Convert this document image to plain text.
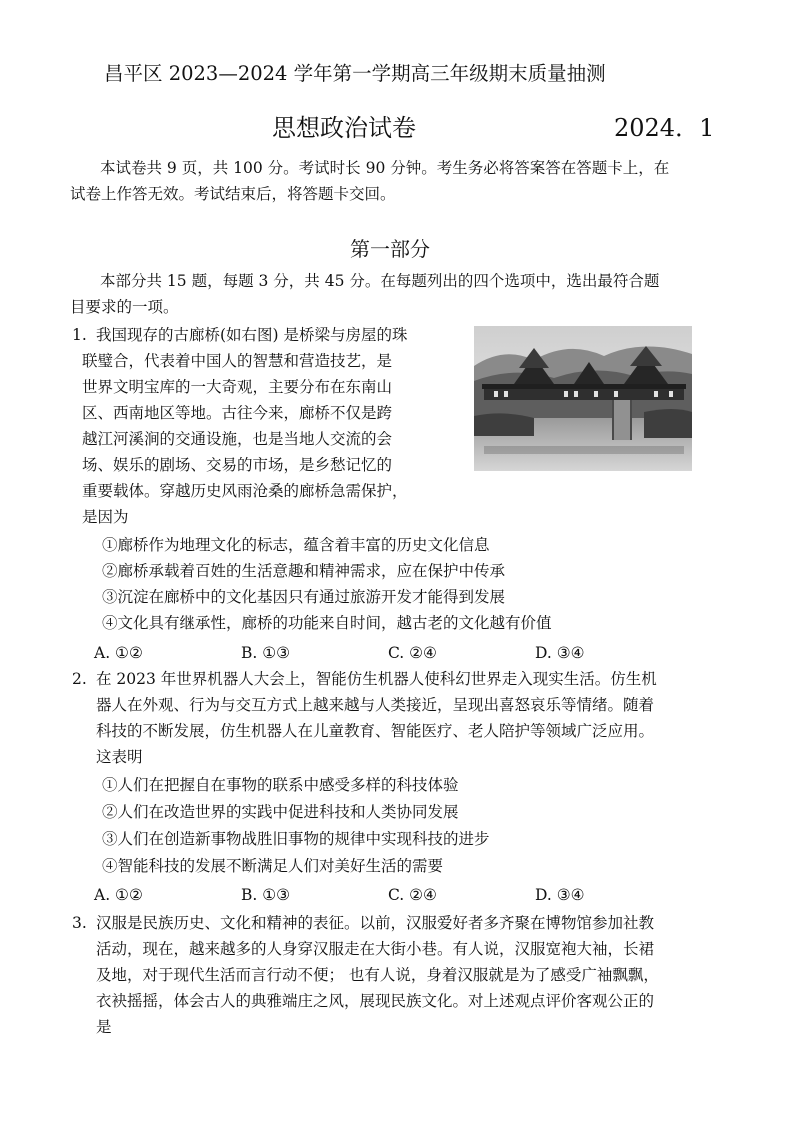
昌平区 2023—2024 学年第一学期高三年级期末质量抽测
思想政治试卷	2024．1
本试卷共 9 页，共 100 分。考试时长 90 分钟。考生务必将答案答在答题卡上，在
试卷上作答无效。考试结束后，将答题卡交回。
第一部分
本部分共 15 题，每题 3 分，共 45 分。在每题列出的四个选项中，选出最符合题
目要求的一项。
1. 我国现存的古廊桥(如右图) 是桥梁与房屋的珠
联璧合，代表着中国人的智慧和营造技艺，是
世界文明宝库的一大奇观，主要分布在东南山
区、西南地区等地。古往今来，廊桥不仅是跨
越江河溪涧的交通设施，也是当地人交流的会
场、娱乐的剧场、交易的市场，是乡愁记忆的
重要载体。穿越历史风雨沧桑的廊桥急需保护，
是因为
①廊桥作为地理文化的标志，蕴含着丰富的历史文化信息
②廊桥承载着百姓的生活意趣和精神需求，应在保护中传承
③沉淀在廊桥中的文化基因只有通过旅游开发才能得到发展
④文化具有继承性，廊桥的功能来自时间，越古老的文化越有价值
A. ①②	B. ①③	C. ②④	D. ③④
2. 在 2023 年世界机器人大会上，智能仿生机器人使科幻世界走入现实生活。仿生机
器人在外观、行为与交互方式上越来越与人类接近，呈现出喜怒哀乐等情绪。随着
科技的不断发展，仿生机器人在儿童教育、智能医疗、老人陪护等领域广泛应用。
这表明
①人们在把握自在事物的联系中感受多样的科技体验
②人们在改造世界的实践中促进科技和人类协同发展
③人们在创造新事物战胜旧事物的规律中实现科技的进步
④智能科技的发展不断满足人们对美好生活的需要
A. ①②	B. ①③	C. ②④	D. ③④
3. 汉服是民族历史、文化和精神的表征。以前，汉服爱好者多齐聚在博物馆参加社教
活动，现在，越来越多的人身穿汉服走在大街小巷。有人说，汉服宽袍大袖，长裙
及地，对于现代生活而言行动不便； 也有人说，身着汉服就是为了感受广袖飘飘，
衣袂摇摇，体会古人的典雅端庄之风，展现民族文化。对上述观点评价客观公正的
是
